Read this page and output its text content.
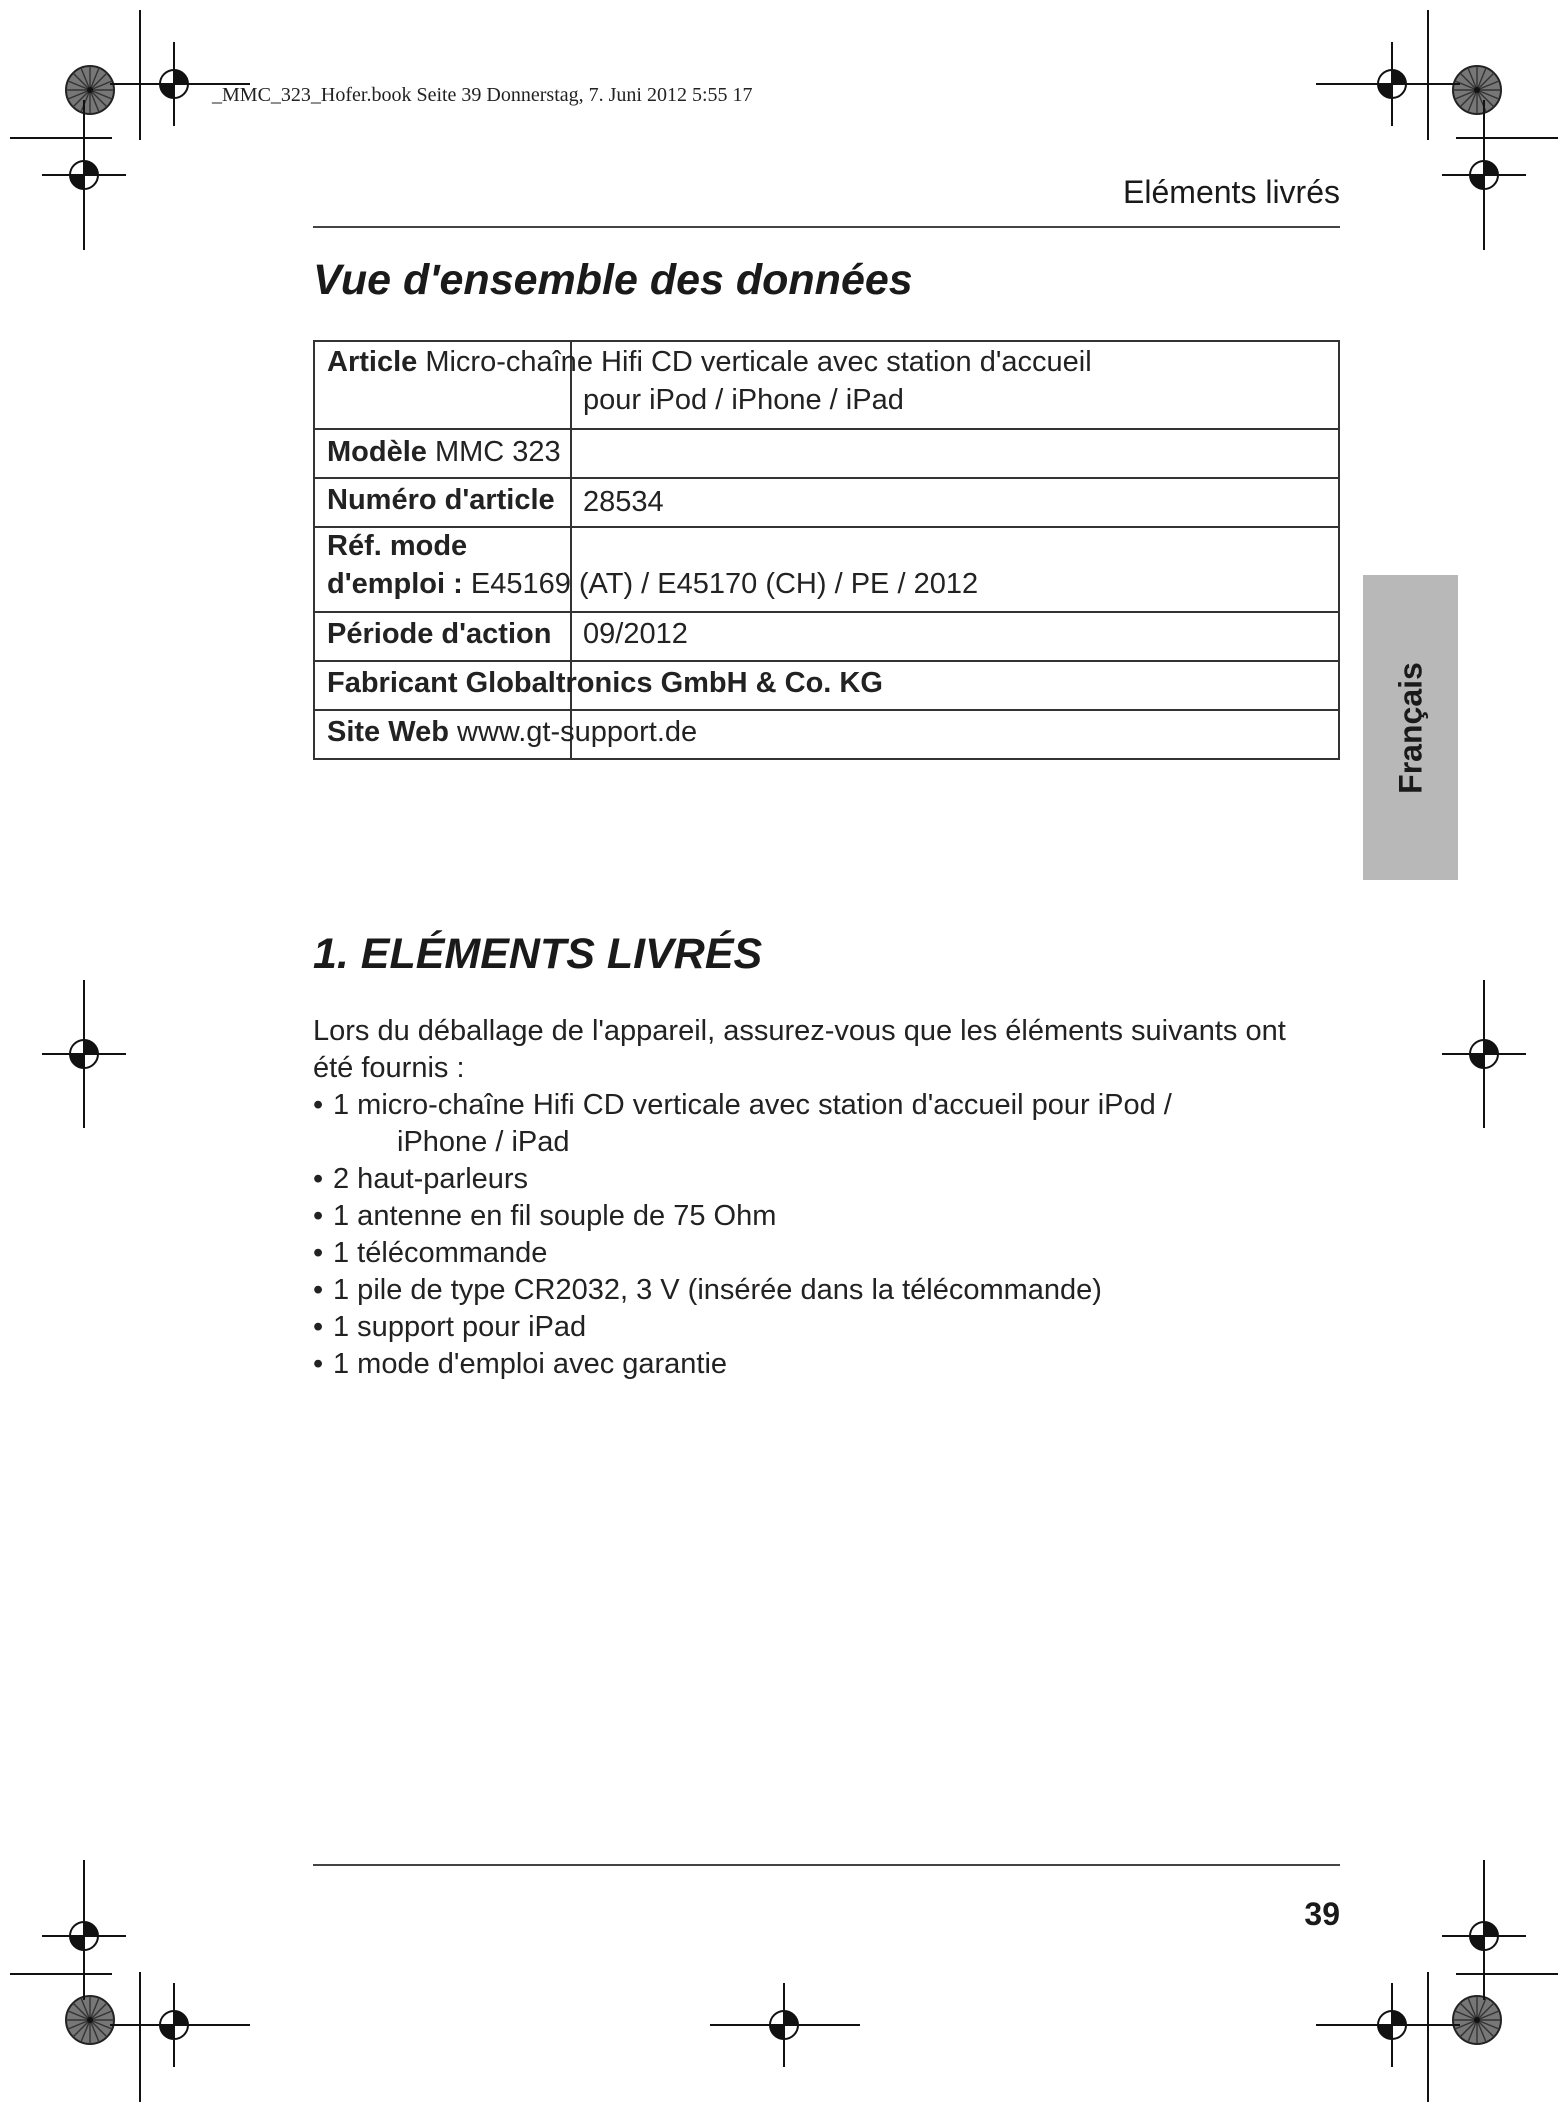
_MMC_323_Hofer.book Seite 39 Donnerstag, 7. Juni 2012 5:55 17
Eléments livrés
Vue d'ensemble des données
Article Micro-chaîne Hifi CD verticale avec station d'accueil
pour iPod / iPhone / iPad
Modèle MMC 323
Numéro d'article 28534
Réf. mode
d'emploi : E45169 (AT) / E45170 (CH) / PE / 2012
Période d'action 09/2012
Fabricant Globaltronics GmbH & Co. KG
Site Web www.gt-support.de	Français
1. ELÉMENTS LIVRÉS
Lors du déballage de l'appareil, assurez-vous que les éléments suivants ont
été fournis :
• 1 micro-chaîne Hifi CD verticale avec station d'accueil pour iPod /
iPhone / iPad
• 2 haut-parleurs
• 1 antenne en fil souple de 75 Ohm
• 1 télécommande
• 1 pile de type CR2032, 3 V (insérée dans la télécommande)
• 1 support pour iPad
• 1 mode d'emploi avec garantie
39
